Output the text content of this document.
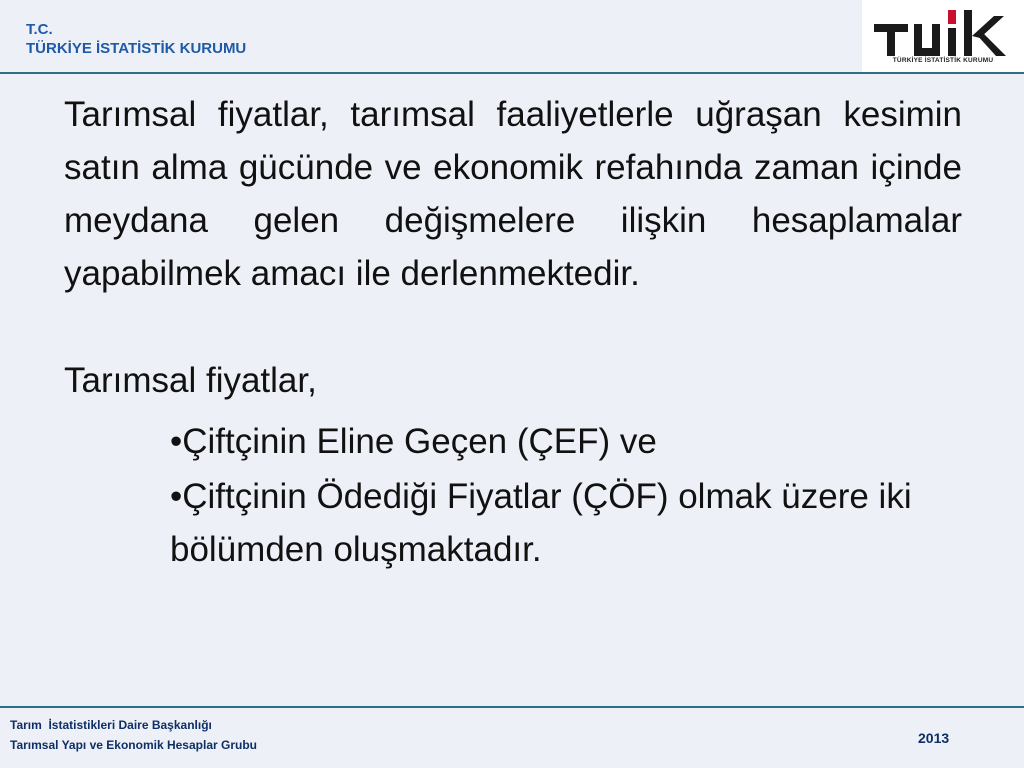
T.C.
TÜRKİYE İSTATİSTİK KURUMU
TÜRKİYE İSTATİSTİK KURUMU

Tarımsal fiyatlar, tarımsal faaliyetlerle uğraşan kesimin satın alma gücünde ve ekonomik refahında zaman içinde meydana gelen değişmelere ilişkin hesaplamalar yapabilmek amacı ile derlenmektedir.

Tarımsal fiyatlar,

•Çiftçinin Eline Geçen (ÇEF) ve

•Çiftçinin Ödediği Fiyatlar (ÇÖF) olmak üzere iki bölümden oluşmaktadır.

Tarım  İstatistikleri Daire Başkanlığı
Tarımsal Yapı ve Ekonomik Hesaplar Grubu	2013
